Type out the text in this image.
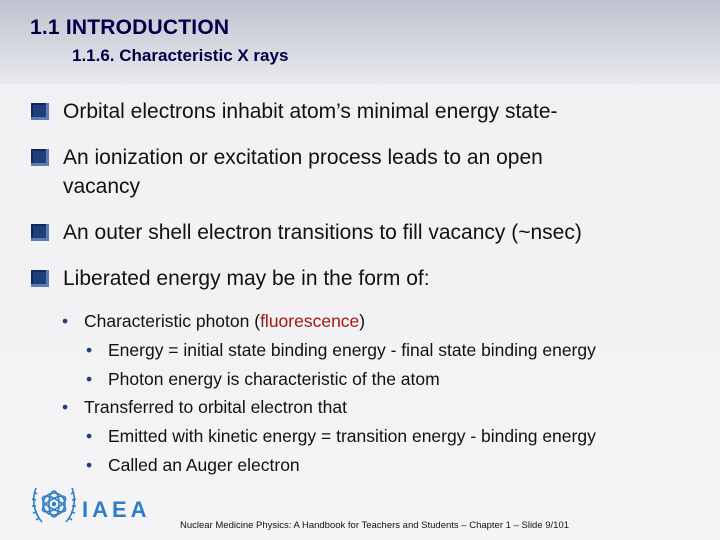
1.1 INTRODUCTION
1.1.6. Characteristic X rays
Orbital electrons inhabit atom’s minimal energy state-
An ionization or excitation process leads to an open
vacancy
An outer shell electron transitions to fill vacancy (~nsec)
Liberated energy may be in the form of:
• Characteristic photon (fluorescence)
• Energy = initial state binding energy - final state binding energy
• Photon energy is characteristic of the atom
• Transferred to orbital electron that
• Emitted with kinetic energy = transition energy - binding energy
• Called an Auger electron
IAEA
Nuclear Medicine Physics: A Handbook for Teachers and Students – Chapter 1 – Slide 9/101
